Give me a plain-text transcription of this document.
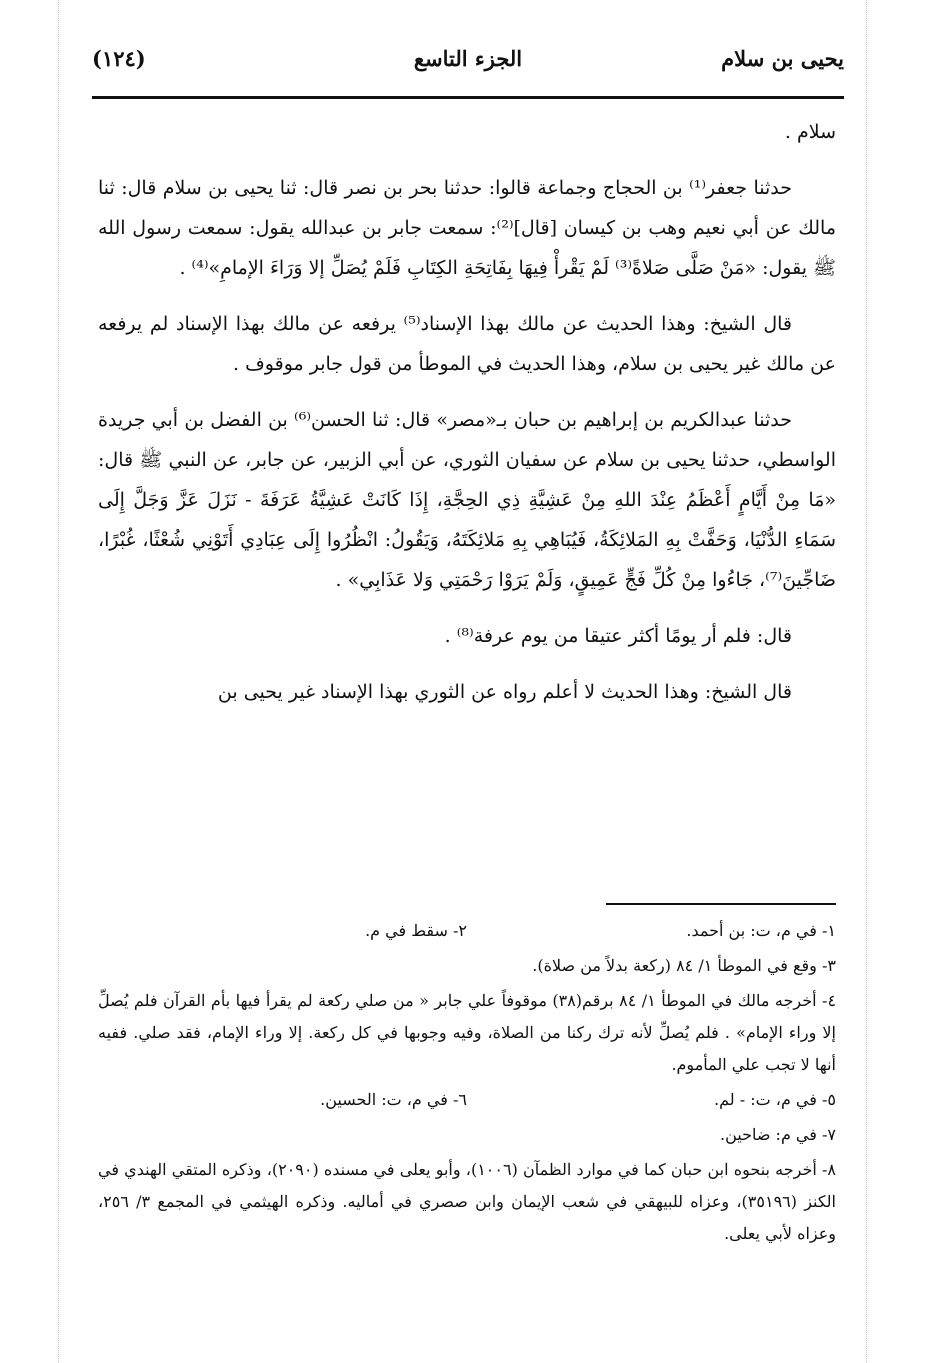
يحيى بن سلام
الجزء التاسع
(١٢٤)

سلام .

حدثنا جعفر⁽¹⁾ بن الحجاج وجماعة قالوا: حدثنا بحر بن نصر قال: ثنا يحيى بن سلام قال: ثنا مالك عن أبي نعيم وهب بن كيسان [قال]⁽²⁾: سمعت جابر بن عبدالله يقول: سمعت رسول الله ﷺ يقول: «مَنْ صَلَّى صَلاةً⁽³⁾ لَمْ يَقْرأْ فِيهَا بِفَاتِحَةِ الكِتَابِ فَلَمْ يُصَلِّ إلا وَرَاءَ الإمامِ»⁽⁴⁾ .

قال الشيخ: وهذا الحديث عن مالك بهذا الإسناد⁽⁵⁾ يرفعه عن مالك بهذا الإسناد لم يرفعه عن مالك غير يحيى بن سلام، وهذا الحديث في الموطأ من قول جابر موقوف .

حدثنا عبدالكريم بن إبراهيم بن حبان بـ«مصر» قال: ثنا الحسن⁽⁶⁾ بن الفضل بن أبي جريدة الواسطي، حدثنا يحيى بن سلام عن سفيان الثوري، عن أبي الزبير، عن جابر، عن النبي ﷺ قال: «مَا مِنْ أَيَّامٍ أَعْظَمُ عِنْدَ اللهِ مِنْ عَشِيَّةِ ذِي الحِجَّةِ، إِذَا كَانَتْ عَشِيَّةُ عَرَفَةَ - نَزَلَ عَزَّ وَجَلَّ إِلَى سَمَاءِ الدُّنْيَا، وَحَفَّتْ بِهِ المَلائِكَةُ، فَيُبَاهِي بِهِ مَلائِكَتَهُ، وَيَقُولُ: انْظُرُوا إِلَى عِبَادِي أَتَوْنِي شُعْثًا، غُبْرًا، ضَاجِّينَ⁽⁷⁾، جَاءُوا مِنْ كُلِّ فَجٍّ عَمِيقٍ، وَلَمْ يَرَوْا رَحْمَتِي وَلا عَذَابِي» .

قال: فلم أر يومًا أكثر عتيقا من يوم عرفة⁽⁸⁾ .

قال الشيخ: وهذا الحديث لا أعلم رواه عن الثوري بهذا الإسناد غير يحيى بن

١- في م، ت: بن أحمد.
٢- سقط في م.
٣- وقع في الموطأ ١/ ٨٤ (ركعة بدلاً من صلاة).
٤- أخرجه مالك في الموطأ ١/ ٨٤ برقم(٣٨) موقوفاً علي جابر « من صلي ركعة لم يقرأ فيها بأم القرآن فلم يُصلِّ إلا وراء الإمام» . فلم يُصلِّ لأنه ترك ركنا من الصلاة، وفيه وجوبها في كل ركعة. إلا وراء الإمام، فقد صلي. ففيه أنها لا تجب علي المأموم.
٥- في م، ت: - لم.
٦- في م، ت: الحسين.
٧- في م: ضاحين.
٨- أخرجه بنحوه ابن حبان كما في موارد الظمآن (١٠٠٦)، وأبو يعلى في مسنده (٢٠٩٠)، وذكره المتقي الهندي في الكنز (٣٥١٩٦)، وعزاه للبيهقي في شعب الإيمان وابن صصري في أماليه. وذكره الهيثمي في المجمع ٣/ ٢٥٦، وعزاه لأبي يعلى.
